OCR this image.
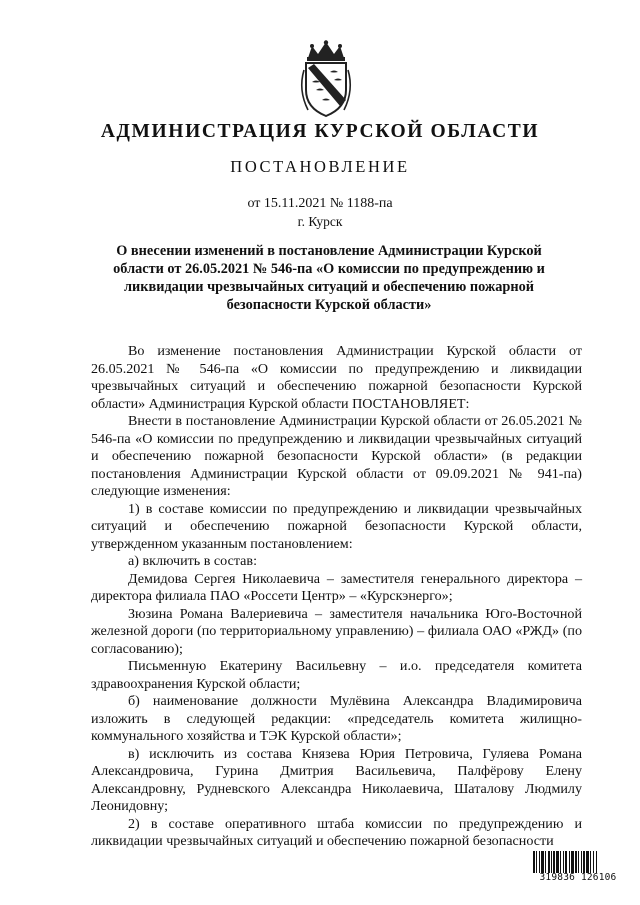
АДМИНИСТРАЦИЯ КУРСКОЙ ОБЛАСТИ
ПОСТАНОВЛЕНИЕ
от 15.11.2021 № 1188-па
г. Курск
О внесении изменений в постановление Администрации Курской области от 26.05.2021 № 546-па «О комиссии по предупреждению и ликвидации чрезвычайных ситуаций и обеспечению пожарной безопасности Курской области»

Во изменение постановления Администрации Курской области от 26.05.2021 № 546-па «О комиссии по предупреждению и ликвидации чрезвычайных ситуаций и обеспечению пожарной безопасности Курской области» Администрация Курской области ПОСТАНОВЛЯЕТ:

Внести в постановление Администрации Курской области от 26.05.2021 № 546-па «О комиссии по предупреждению и ликвидации чрезвычайных ситуаций и обеспечению пожарной безопасности Курской области» (в редакции постановления Администрации Курской области от 09.09.2021 № 941-па) следующие изменения:

1) в составе комиссии по предупреждению и ликвидации чрезвычайных ситуаций и обеспечению пожарной безопасности Курской области, утвержденном указанным постановлением:

а) включить в состав:

Демидова Сергея Николаевича – заместителя генерального директора – директора филиала ПАО «Россети Центр» – «Курскэнерго»;

Зюзина Романа Валериевича – заместителя начальника Юго-Восточной железной дороги (по территориальному управлению) – филиала ОАО «РЖД» (по согласованию);

Письменную Екатерину Васильевну – и.о. председателя комитета здравоохранения Курской области;

б) наименование должности Мулёвина Александра Владимировича изложить в следующей редакции: «председатель комитета жилищно-коммунального хозяйства и ТЭК Курской области»;

в) исключить из состава Князева Юрия Петровича, Гуляева Романа Александровича, Гурина Дмитрия Васильевича, Палфёрову Елену Александровну, Рудневского Александра Николаевича, Шаталову Людмилу Леонидовну;

2) в составе оперативного штаба комиссии по предупреждению и ликвидации чрезвычайных ситуаций и обеспечению пожарной безопасности

319836 126106
